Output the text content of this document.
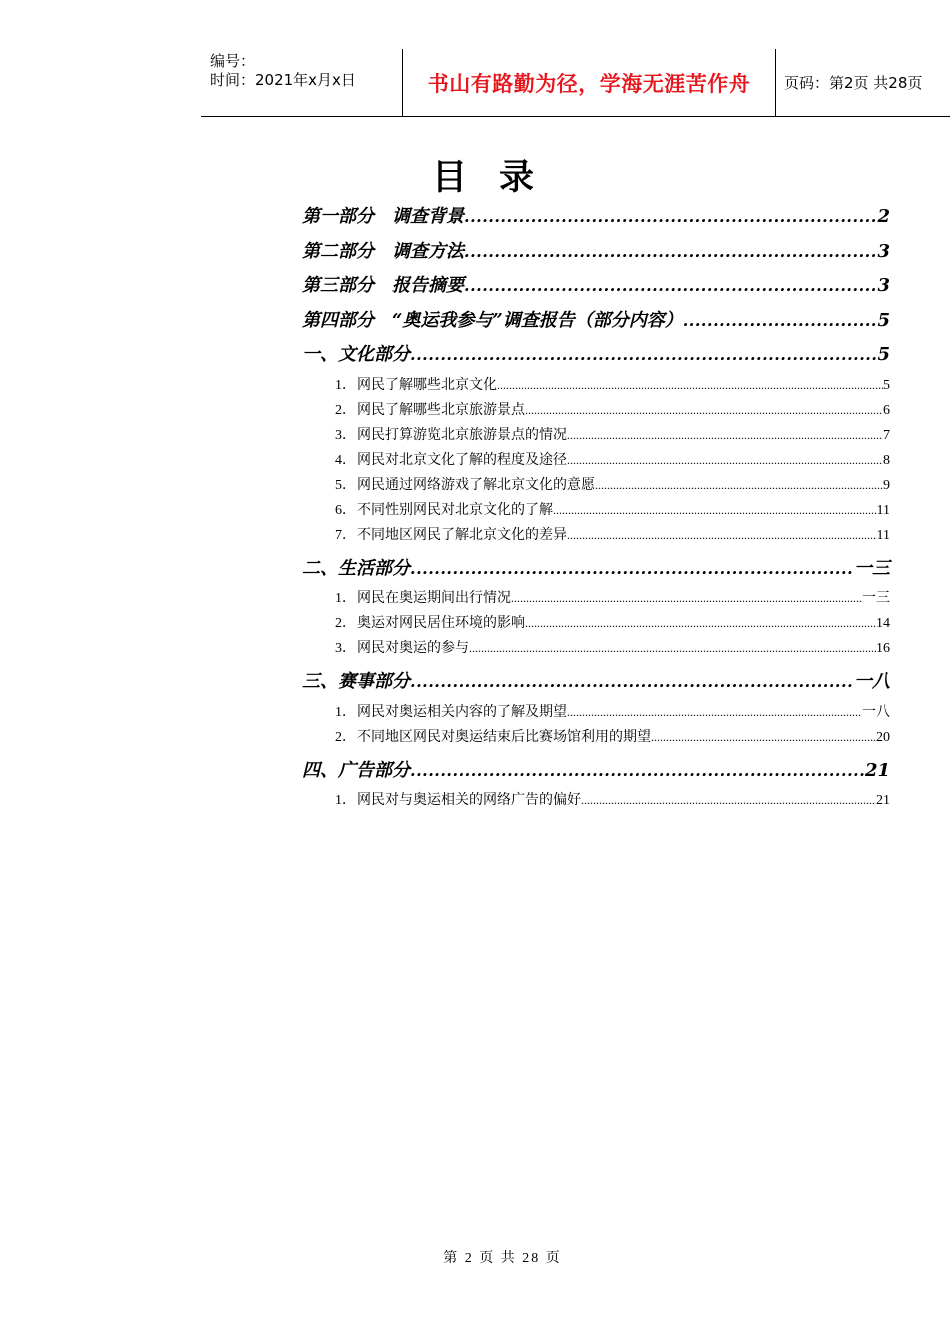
编号：
时间：2021年x月x日	书山有路勤为径，学海无涯苦作舟	页码：第2页 共28页
目录
第一部分　调查背景 .....	2
第二部分　调查方法 .....	3
第三部分　报告摘要 .....	3
第四部分　“奥运我参与”调查报告（部分内容） .....	5
一、文化部分 .....	5
1．网民了解哪些北京文化 .....	5
2．网民了解哪些北京旅游景点 .....	6
3．网民打算游览北京旅游景点的情况 .....	7
4．网民对北京文化了解的程度及途径 .....	8
5．网民通过网络游戏了解北京文化的意愿 .....	9
6．不同性别网民对北京文化的了解 .....	11
7．不同地区网民了解北京文化的差异 .....	11
二、生活部分 .....	一三
1．网民在奥运期间出行情况 .....	一三
2．奥运对网民居住环境的影响 .....	14
3．网民对奥运的参与 .....	16
三、赛事部分 .....	一八
1．网民对奥运相关内容的了解及期望 .....	一八
2．不同地区网民对奥运结束后比赛场馆利用的期望 .....	20
四、广告部分 .....	21
1．网民对与奥运相关的网络广告的偏好 .....	21
第 2 页 共 28 页
